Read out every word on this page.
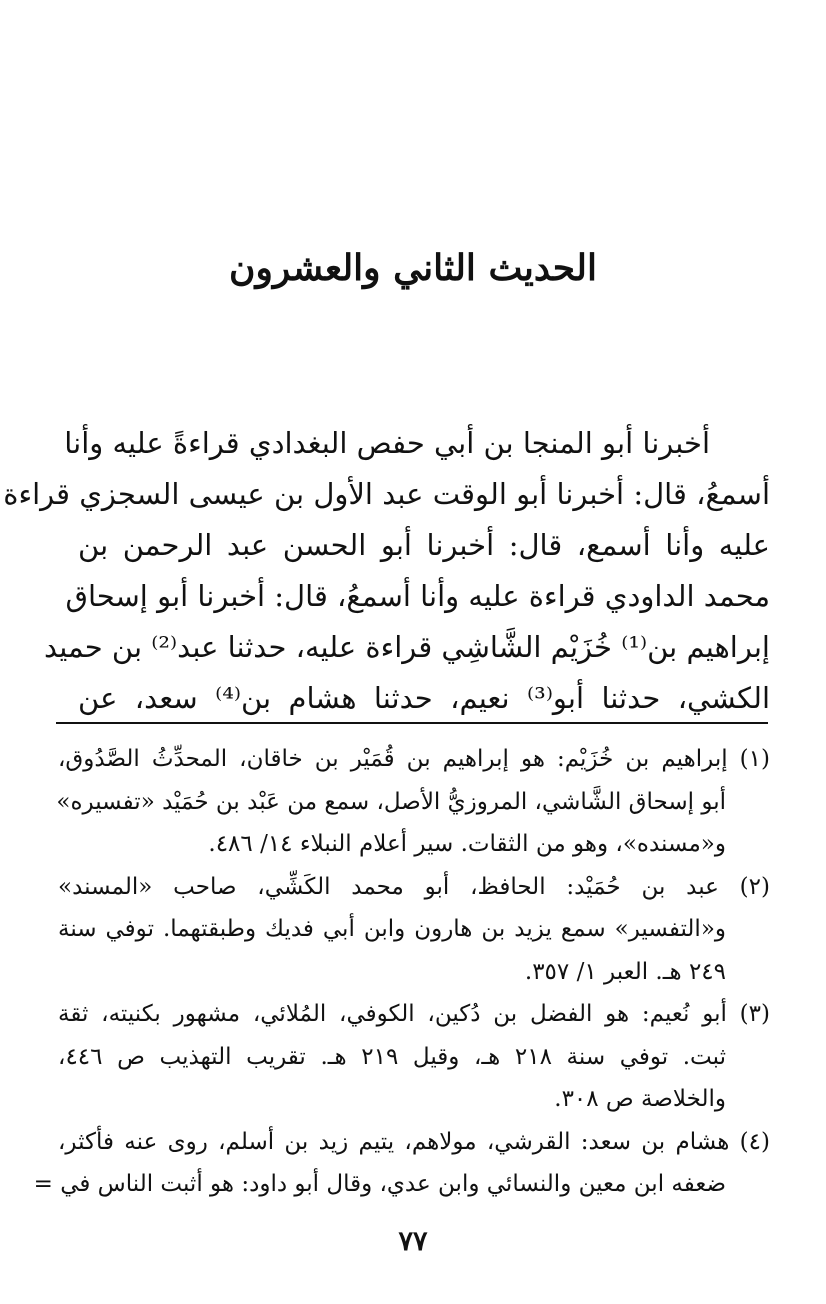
الحديث الثاني والعشرون
أخبرنا أبو المنجا بن أبي حفص البغدادي قراءةً عليه وأنا
أسمعُ، قال: أخبرنا أبو الوقت عبد الأول بن عيسى السجزي قراءة
عليه وأنا أسمع، قال: أخبرنا أبو الحسن عبد الرحمن بن
محمد الداودي قراءة عليه وأنا أسمعُ، قال: أخبرنا أبو إسحاق
إبراهيم بن⁽¹⁾ خُزَيْم الشَّاشِي قراءة عليه، حدثنا عبد⁽²⁾ بن حميد
الكشي، حدثنا أبو⁽³⁾ نعيم، حدثنا هشام بن⁽⁴⁾ سعد، عن
(١) إبراهيم بن خُزَيْم: هو إبراهيم بن قُمَيْر بن خاقان، المحدِّثُ الصَّدُوق،
أبو إسحاق الشَّاشي، المروزيُّ الأصل، سمع من عَبْد بن حُمَيْد «تفسيره»
و«مسنده»، وهو من الثقات. سير أعلام النبلاء ١٤/ ٤٨٦.
(٢) عبد بن حُمَيْد: الحافظ، أبو محمد الكَشِّي، صاحب «المسند»
و«التفسير» سمع يزيد بن هارون وابن أبي فديك وطبقتهما. توفي سنة
٢٤٩ هـ. العبر ١/ ٣٥٧.
(٣) أبو نُعيم: هو الفضل بن دُكين، الكوفي، المُلائي، مشهور بكنيته، ثقة
ثبت. توفي سنة ٢١٨ هـ، وقيل ٢١٩ هـ. تقريب التهذيب ص ٤٤٦،
والخلاصة ص ٣٠٨.
(٤) هشام بن سعد: القرشي، مولاهم، يتيم زيد بن أسلم، روى عنه فأكثر،
ضعفه ابن معين والنسائي وابن عدي، وقال أبو داود: هو أثبت الناس في =
٧٧
